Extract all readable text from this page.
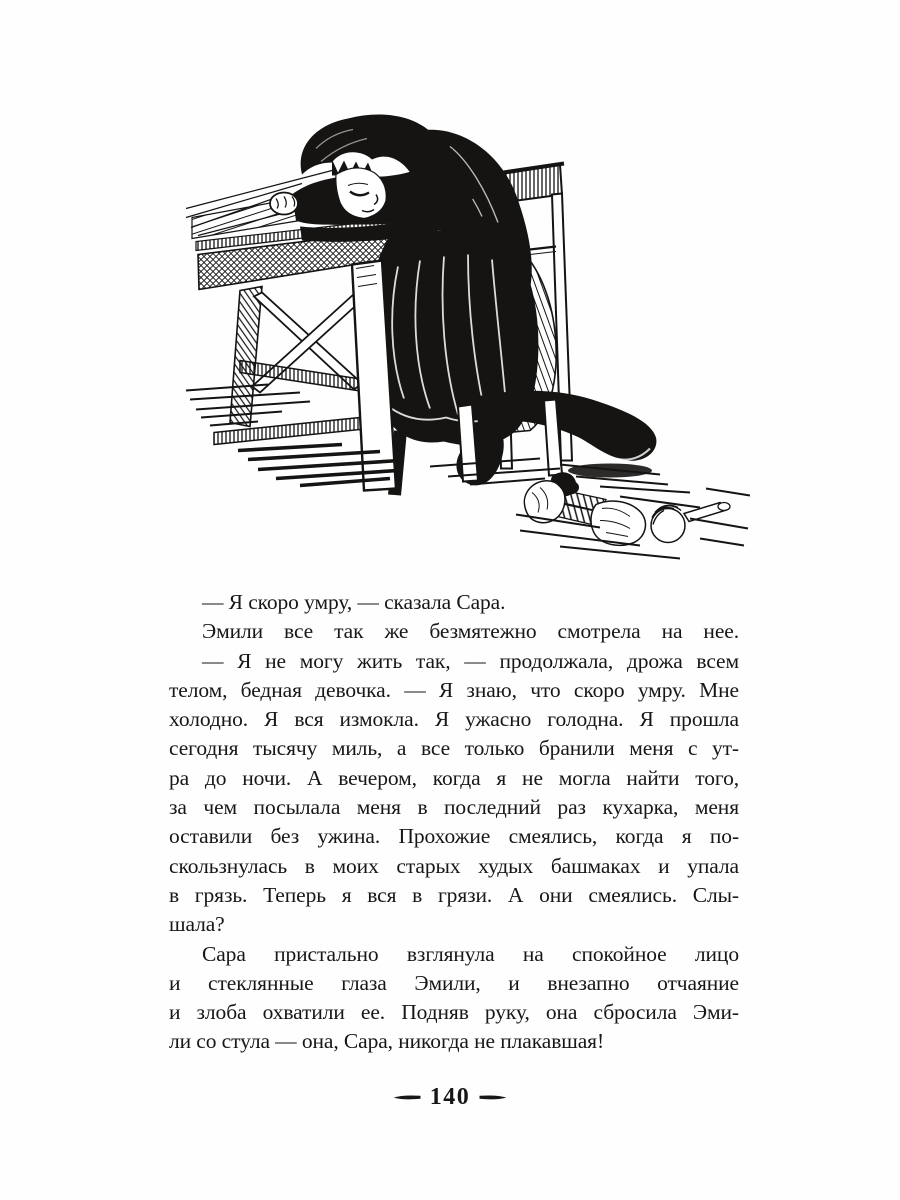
— Я скоро умру, — сказала Сара.
Эмили все так же безмятежно смотрела на нее.
— Я не могу жить так, — продолжала, дрожа всем
телом, бедная девочка. — Я знаю, что скоро умру. Мне
холодно. Я вся измокла. Я ужасно голодна. Я прошла
сегодня тысячу миль, а все только бранили меня с ут-
ра до ночи. А вечером, когда я не могла найти того,
за чем посылала меня в последний раз кухарка, меня
оставили без ужина. Прохожие смеялись, когда я по-
скользнулась в моих старых худых башмаках и упала
в грязь. Теперь я вся в грязи. А они смеялись. Слы-
шала?
Сара пристально взглянула на спокойное лицо
и стеклянные глаза Эмили, и внезапно отчаяние
и злоба охватили ее. Подняв руку, она сбросила Эми-
ли со стула — она, Сара, никогда не плакавшая!
140
